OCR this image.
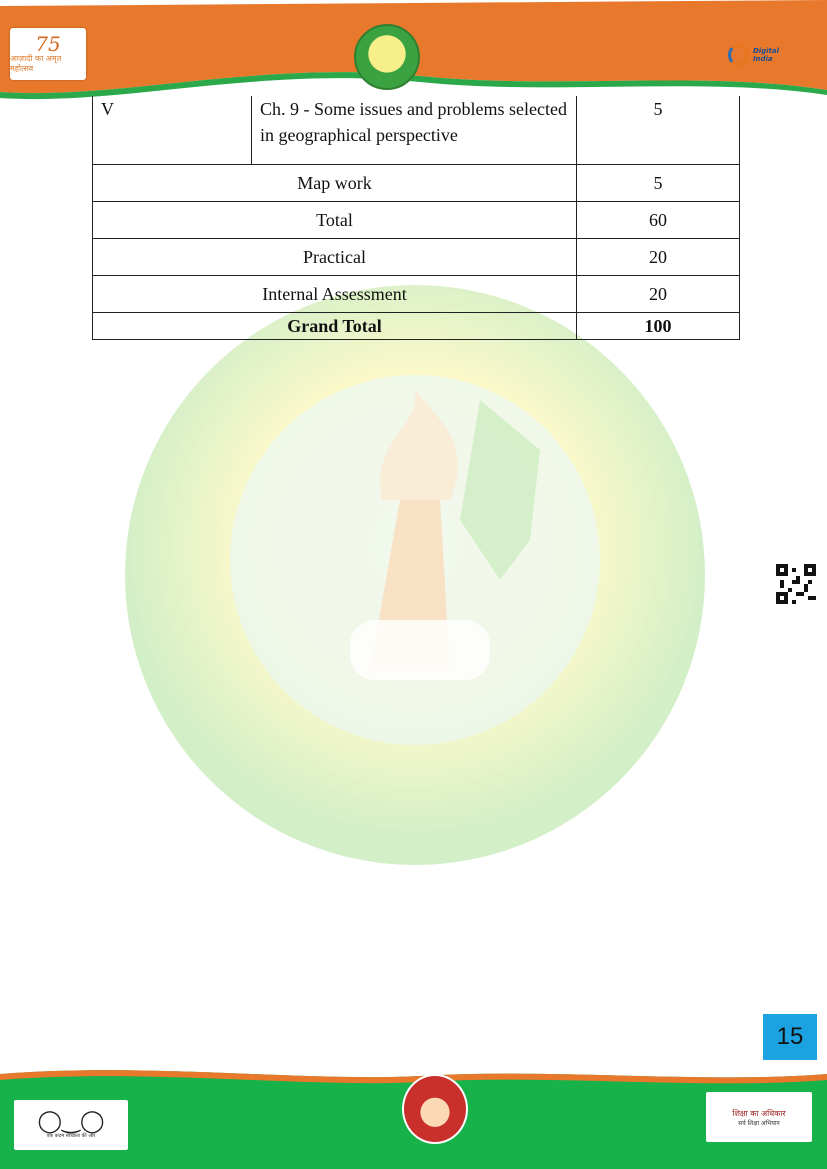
75
आज़ादी का अमृत महोत्सव
Digital India
V	Ch. 9 - Some issues and problems selected in geographical perspective	5
Map work		5
Total		60
Practical		20
Internal Assessment		20
Grand Total		100
15
◯‿◯
एक कदम स्वच्छता की ओर
शिक्षा का अधिकार
सर्व शिक्षा अभियान
